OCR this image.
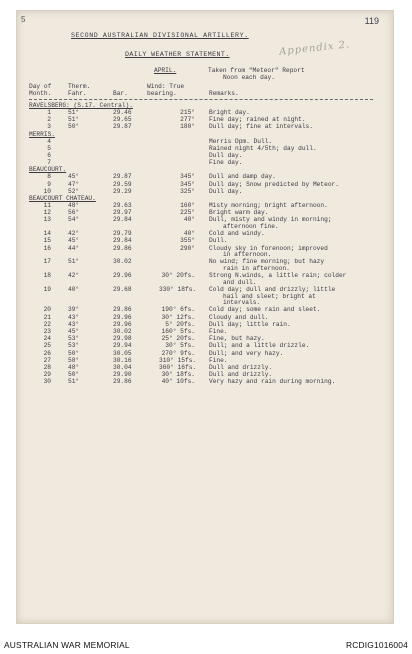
5	119
Appendix 2.
SECOND AUSTRALIAN DIVISIONAL ARTILLERY.
DAILY WEATHER STATEMENT.
APRIL.	Taken from "Meteor" Report
Noon each day.
Day of
Month.
Therm.
Fahr.	Bar.
Wind: True
bearing.	Remarks.
RAVELSBERG: (S.17. Central).
1	51°	29.46	215° Bright day.
2	51°	29.65	277° Fine day; rained at night.
3	50°	29.87	180° Dull day; fine at intervals.
MERRIS.
4	Merris Dpm. Dull.
5	Rained night 4/5th; day dull.
6	Dull day.
7	Fine day.
BEAUCOURT.
8	45°	29.87	345° Dull and damp day.
9	47°	29.59	345° Dull day; Snow predicted by Meteor.
10	52°	29.29	325° Dull day.
BEAUCOURT CHATEAU.
11	48°	29.63	160° Misty morning; bright afternoon.
12	56°	29.97	225° Bright warm day.
13	54°	29.84	40° Dull, misty and windy in morning;
afternoon fine.
14	42°	29.79	40° Cold and windy.
15	45°	29.84	355° Dull.
16	44°	29.86	290° Cloudy sky in forenoon; improved
in afternoon.
17	51°	30.02	No wind; fine morning; but hazy
rain in afternoon.
18	42°	29.96	30° 20fs. Strong N.winds, a little rain; colder
and dull.
19	40°	29.68	330° 18fs. Cold day; dull and drizzly; little
hail and sleet; bright at
intervals.
20	39°	29.86	190° 6fs. Cold day; some rain and sleet.
21	43°	29.96	30° 12fs. Cloudy and dull.
22	43°	29.96	5° 20fs. Dull day; little rain.
23	45°	30.02	160° 5fs. Fine.
24	53°	29.98	25° 20fs. Fine, but hazy.
25	53°	29.94	30° 5fs. Dull; and a little drizzle.
26	50°	30.05	270° 9fs. Dull; and very hazy.
27	58°	30.16	310° 15fs. Fine.
28	48°	30.04	360° 16fs. Dull and drizzly.
29	50°	29.90	30° 18fs. Dull and drizzly.
30	51°	29.86	40° 10fs. Very hazy and rain during morning.
AUSTRALIAN WAR MEMORIAL	RCDIG1016004
